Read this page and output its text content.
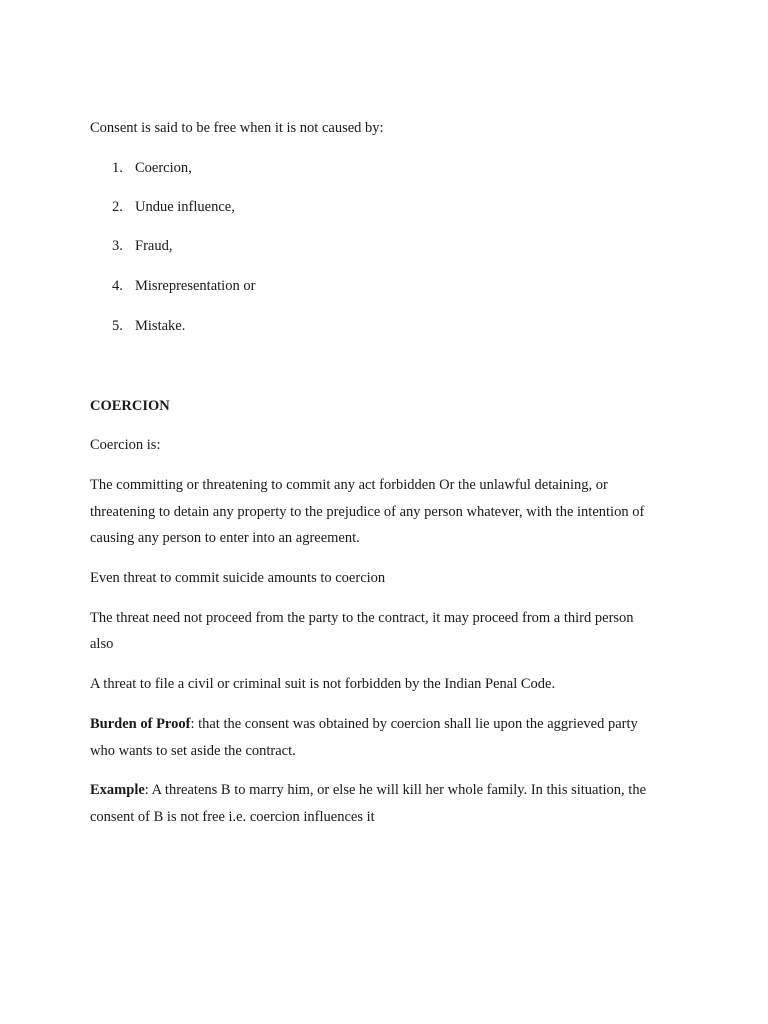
Consent is said to be free when it is not caused by:
1. Coercion,
2. Undue influence,
3. Fraud,
4. Misrepresentation or
5. Mistake.
COERCION
Coercion is:
The committing or threatening to commit any act forbidden Or the unlawful detaining, or
threatening to detain any property to the prejudice of any person whatever, with the intention of
causing any person to enter into an agreement.
Even threat to commit suicide amounts to coercion
The threat need not proceed from the party to the contract, it may proceed from a third person
also
A threat to file a civil or criminal suit is not forbidden by the Indian Penal Code.
Burden of Proof: that the consent was obtained by coercion shall lie upon the aggrieved party
who wants to set aside the contract.
Example: A threatens B to marry him, or else he will kill her whole family. In this situation, the
consent of B is not free i.e. coercion influences it
